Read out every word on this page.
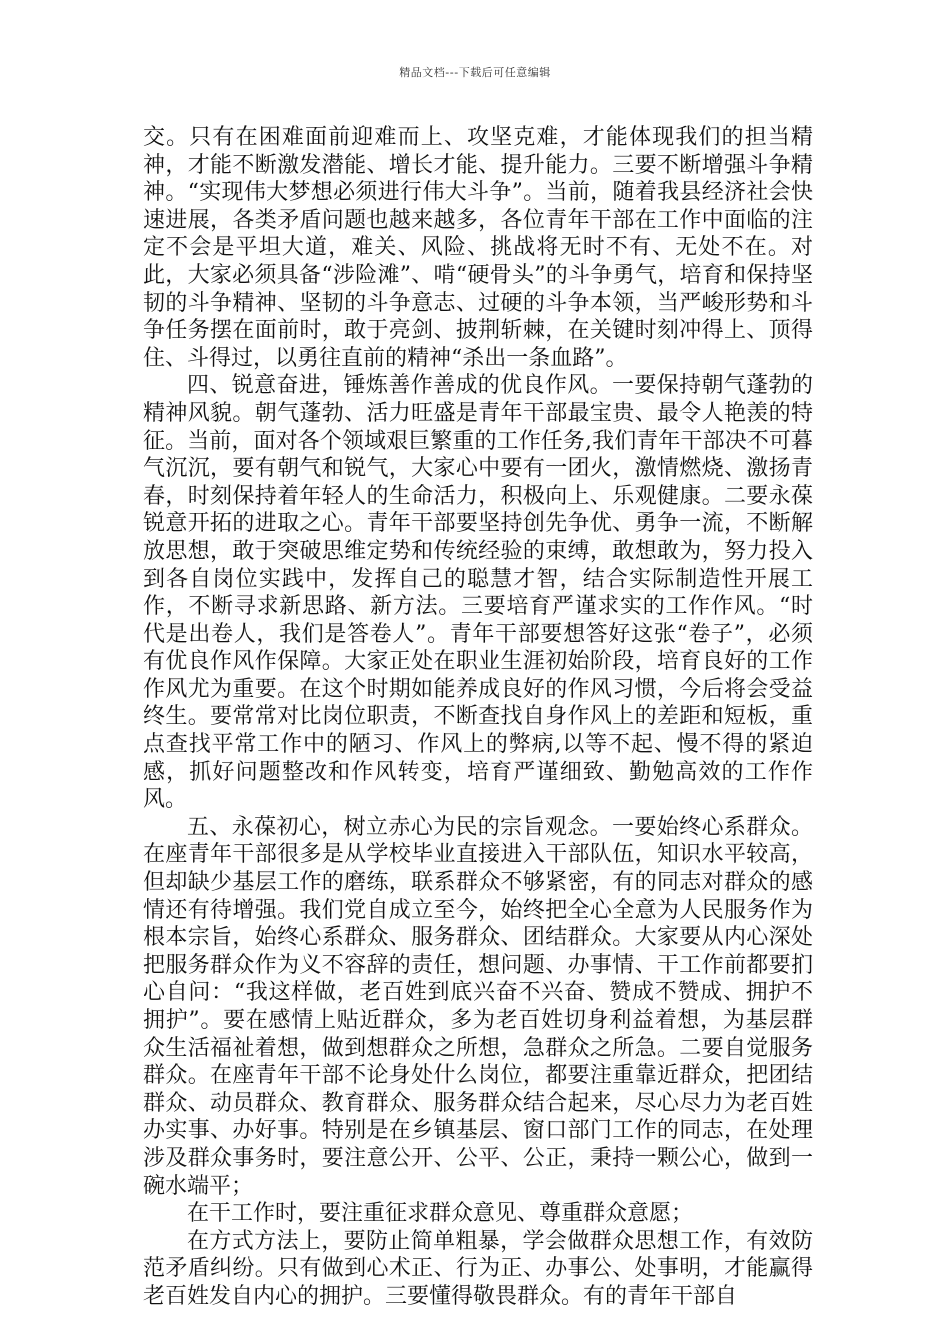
精品文档---下载后可任意编辑

交。只有在困难面前迎难而上、攻坚克难，才能体现我们的担当精神，才能不断激发潜能、增长才能、提升能力。三要不断增强斗争精神。“实现伟大梦想必须进行伟大斗争”。当前，随着我县经济社会快速进展，各类矛盾问题也越来越多，各位青年干部在工作中面临的注定不会是平坦大道，难关、风险、挑战将无时不有、无处不在。对此，大家必须具备“涉险滩”、啃“硬骨头”的斗争勇气，培育和保持坚韧的斗争精神、坚韧的斗争意志、过硬的斗争本领，当严峻形势和斗争任务摆在面前时，敢于亮剑、披荆斩棘，在关键时刻冲得上、顶得住、斗得过，以勇往直前的精神“杀出一条血路”。

四、锐意奋进，锤炼善作善成的优良作风。一要保持朝气蓬勃的精神风貌。朝气蓬勃、活力旺盛是青年干部最宝贵、最令人艳羡的特征。当前，面对各个领域艰巨繁重的工作任务,我们青年干部决不可暮气沉沉，要有朝气和锐气，大家心中要有一团火，激情燃烧、激扬青春，时刻保持着年轻人的生命活力，积极向上、乐观健康。二要永葆锐意开拓的进取之心。青年干部要坚持创先争优、勇争一流，不断解放思想，敢于突破思维定势和传统经验的束缚，敢想敢为，努力投入到各自岗位实践中，发挥自己的聪慧才智，结合实际制造性开展工作，不断寻求新思路、新方法。三要培育严谨求实的工作作风。“时代是出卷人，我们是答卷人”。青年干部要想答好这张“卷子”，必须有优良作风作保障。大家正处在职业生涯初始阶段，培育良好的工作作风尤为重要。在这个时期如能养成良好的作风习惯，今后将会受益终生。要常常对比岗位职责，不断查找自身作风上的差距和短板，重点查找平常工作中的陋习、作风上的弊病,以等不起、慢不得的紧迫感，抓好问题整改和作风转变，培育严谨细致、勤勉高效的工作作风。

五、永葆初心，树立赤心为民的宗旨观念。一要始终心系群众。在座青年干部很多是从学校毕业直接进入干部队伍，知识水平较高，但却缺少基层工作的磨练，联系群众不够紧密，有的同志对群众的感情还有待增强。我们党自成立至今，始终把全心全意为人民服务作为根本宗旨，始终心系群众、服务群众、团结群众。大家要从内心深处把服务群众作为义不容辞的责任，想问题、办事情、干工作前都要扪心自问：“我这样做，老百姓到底兴奋不兴奋、赞成不赞成、拥护不拥护”。要在感情上贴近群众，多为老百姓切身利益着想，为基层群众生活福祉着想，做到想群众之所想，急群众之所急。二要自觉服务群众。在座青年干部不论身处什么岗位，都要注重靠近群众，把团结群众、动员群众、教育群众、服务群众结合起来，尽心尽力为老百姓办实事、办好事。特别是在乡镇基层、窗口部门工作的同志，在处理涉及群众事务时，要注意公开、公平、公正，秉持一颗公心，做到一碗水端平；

在干工作时，要注重征求群众意见、尊重群众意愿；

在方式方法上，要防止简单粗暴，学会做群众思想工作，有效防范矛盾纠纷。只有做到心术正、行为正、办事公、处事明，才能赢得老百姓发自内心的拥护。三要懂得敬畏群众。有的青年干部自
